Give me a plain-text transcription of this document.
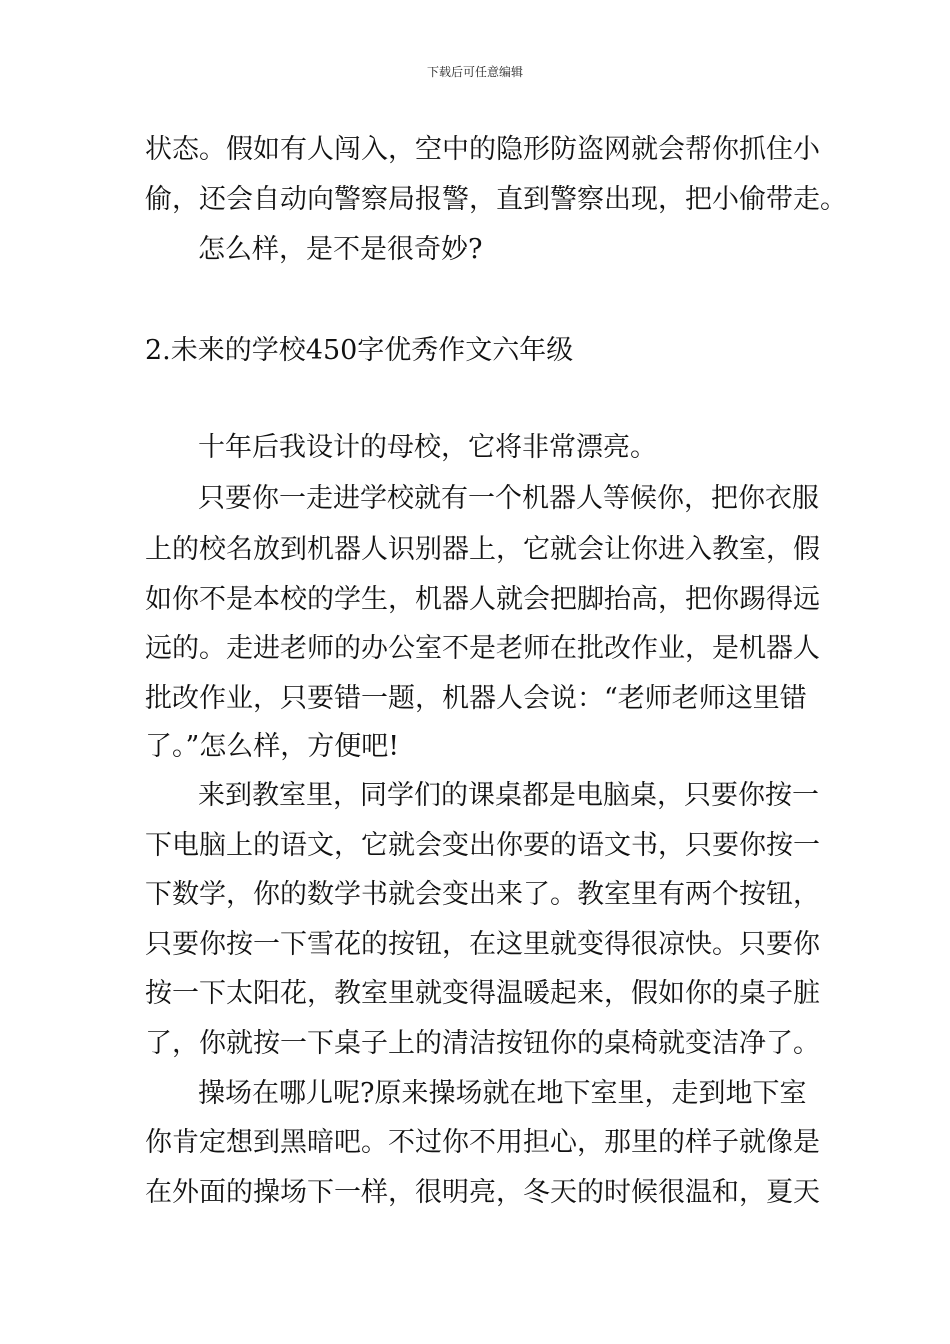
下载后可任意编辑
状态。假如有人闯入，空中的隐形防盗网就会帮你抓住小
偷，还会自动向警察局报警，直到警察出现，把小偷带走。
怎么样，是不是很奇妙?
2.未来的学校450字优秀作文六年级
十年后我设计的母校，它将非常漂亮。
只要你一走进学校就有一个机器人等候你，把你衣服
上的校名放到机器人识别器上，它就会让你进入教室，假
如你不是本校的学生，机器人就会把脚抬高，把你踢得远
远的。走进老师的办公室不是老师在批改作业，是机器人
批改作业，只要错一题，机器人会说：“老师老师这里错
了。”怎么样，方便吧!
来到教室里，同学们的课桌都是电脑桌，只要你按一
下电脑上的语文，它就会变出你要的语文书，只要你按一
下数学，你的数学书就会变出来了。教室里有两个按钮，
只要你按一下雪花的按钮，在这里就变得很凉快。只要你
按一下太阳花，教室里就变得温暖起来，假如你的桌子脏
了，你就按一下桌子上的清洁按钮你的桌椅就变洁净了。
操场在哪儿呢?原来操场就在地下室里，走到地下室
你肯定想到黑暗吧。不过你不用担心，那里的样子就像是
在外面的操场下一样，很明亮，冬天的时候很温和，夏天
